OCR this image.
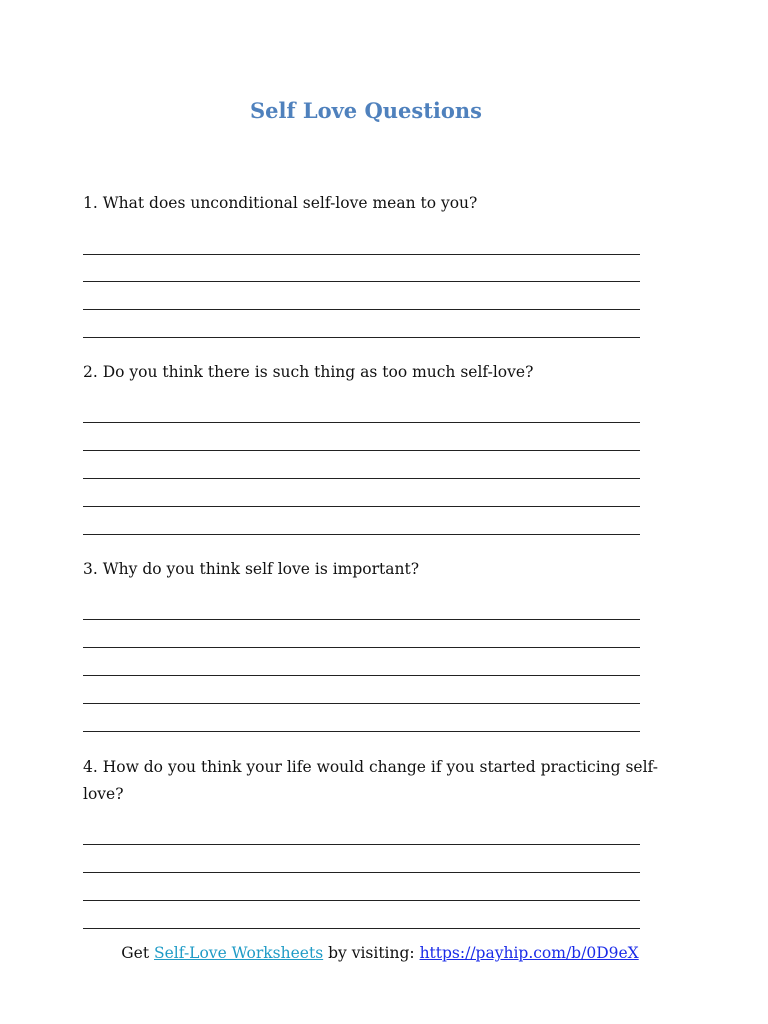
Self Love Questions
1. What does unconditional self-love mean to you?
2. Do you think there is such thing as too much self-love?
3. Why do you think self love is important?
4. How do you think your life would change if you started practicing self-love?
Get Self-Love Worksheets by visiting: https://payhip.com/b/0D9eX
